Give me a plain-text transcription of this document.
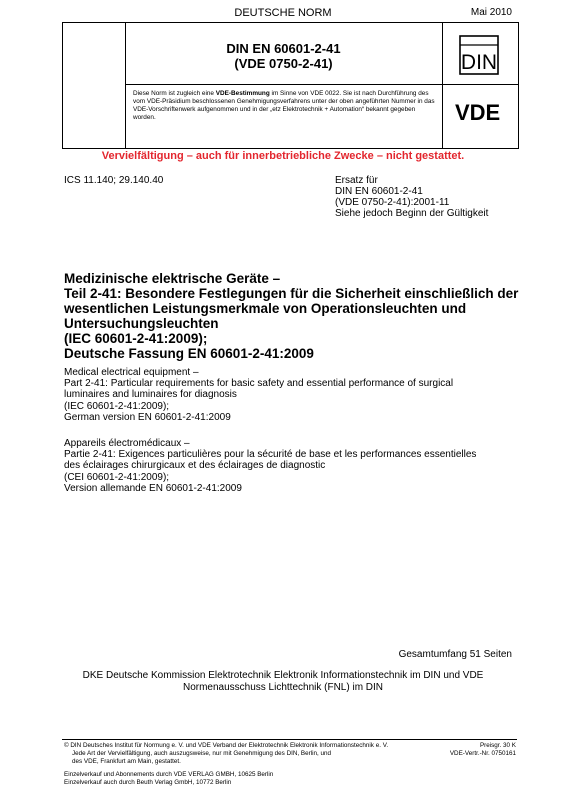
DEUTSCHE NORM	Mai 2010
DIN EN 60601-2-41
(VDE 0750-2-41)
Diese Norm ist zugleich eine VDE-Bestimmung im Sinne von VDE 0022. Sie ist nach Durchführung des vom VDE-Präsidium beschlossenen Genehmigungsverfahrens unter der oben angeführten Nummer in das VDE-Vorschriftenwerk aufgenommen und in der „etz Elektrotechnik + Automation“ bekannt gegeben worden.
DIN
VDE
Vervielfältigung – auch für innerbetriebliche Zwecke – nicht gestattet.
ICS 11.140; 29.140.40	Ersatz für
DIN EN 60601-2-41
(VDE 0750-2-41):2001-11
Siehe jedoch Beginn der Gültigkeit
Medizinische elektrische Geräte –
Teil 2-41: Besondere Festlegungen für die Sicherheit einschließlich der
wesentlichen Leistungsmerkmale von Operationsleuchten und
Untersuchungsleuchten
(IEC 60601-2-41:2009);
Deutsche Fassung EN 60601-2-41:2009
Medical electrical equipment –
Part 2-41: Particular requirements for basic safety and essential performance of surgical
luminaires and luminaires for diagnosis
(IEC 60601-2-41:2009);
German version EN 60601-2-41:2009
Appareils électromédicaux –
Partie 2-41: Exigences particulières pour la sécurité de base et les performances essentielles
des éclairages chirurgicaux et des éclairages de diagnostic
(CEI 60601-2-41:2009);
Version allemande EN 60601-2-41:2009
Gesamtumfang 51 Seiten
DKE Deutsche Kommission Elektrotechnik Elektronik Informationstechnik im DIN und VDE
Normenausschuss Lichttechnik (FNL) im DIN
© DIN Deutsches Institut für Normung e. V. und VDE Verband der Elektrotechnik Elektronik Informationstechnik e. V.
Jede Art der Vervielfältigung, auch auszugsweise, nur mit Genehmigung des DIN, Berlin, und
des VDE, Frankfurt am Main, gestattet.
Preisgr. 30 K
VDE-Vertr.-Nr. 0750161
Einzelverkauf und Abonnements durch VDE VERLAG GMBH, 10625 Berlin
Einzelverkauf auch durch Beuth Verlag GmbH, 10772 Berlin
